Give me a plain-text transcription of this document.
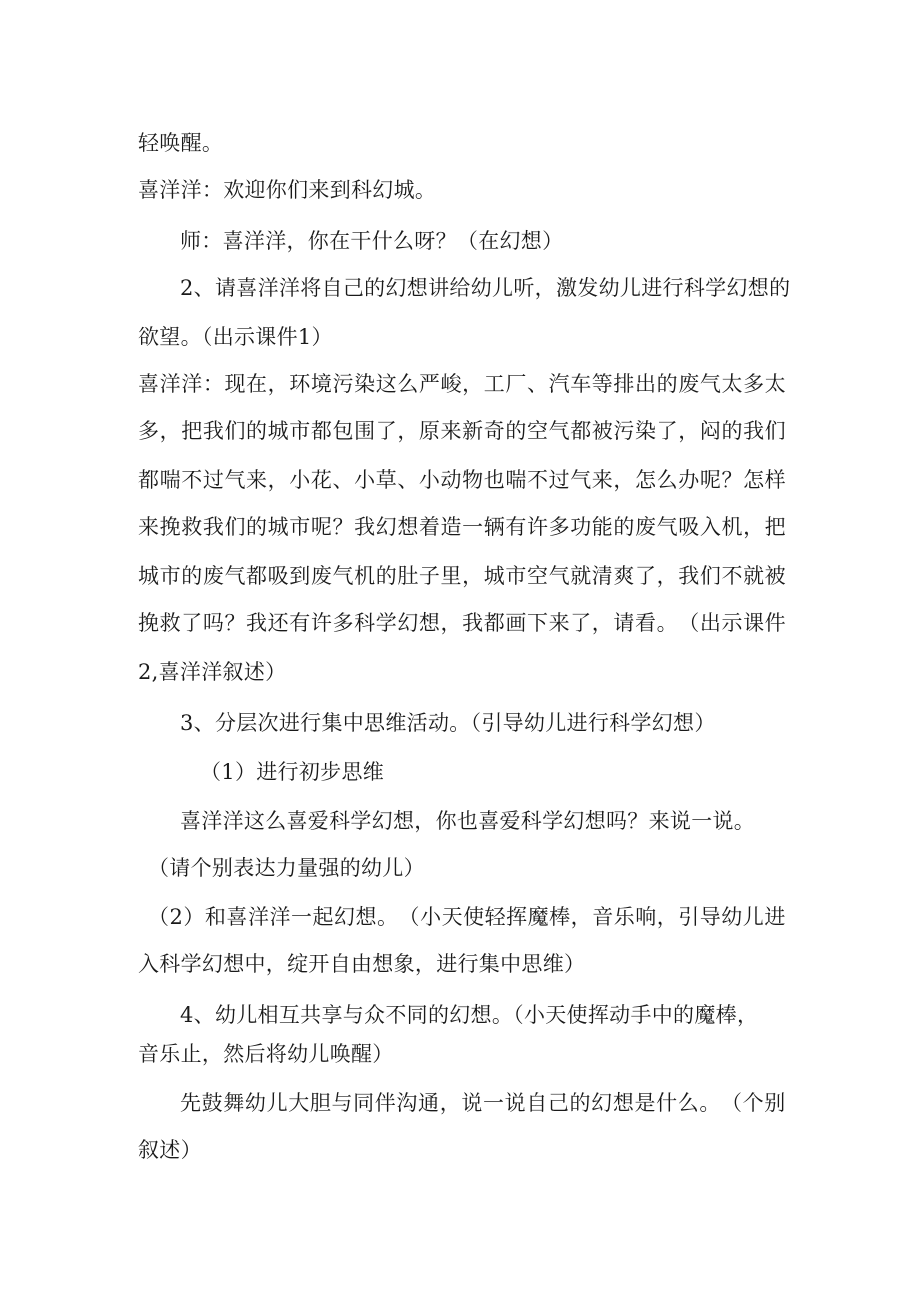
轻唤醒。
喜洋洋：欢迎你们来到科幻城。
师：喜洋洋，你在干什么呀？（在幻想）
2 、 请 喜 洋 洋 将 自 己 的 幻 想 讲 给 幼 儿 听 ， 激 发 幼 儿 进 行 科 学 幻 想 的
欲望。（出示课件1）
喜 洋 洋 ： 现 在 ， 环 境 污 染 这 么 严 峻 ， 工 厂 、 汽 车 等 排 出 的 废 气 太 多 太
多 ， 把 我 们 的 城 市 都 包 围 了 ， 原 来 新 奇 的 空 气 都 被 污 染 了 ， 闷 的 我 们
都 喘 不 过 气 来 ， 小 花 、 小 草 、 小 动 物 也 喘 不 过 气 来 ， 怎 么 办 呢 ？ 怎 样
来 挽 救 我 们 的 城 市 呢 ？ 我 幻 想 着 造 一 辆 有 许 多 功 能 的 废 气 吸 入 机 ， 把
城 市 的 废 气 都 吸 到 废 气 机 的 肚 子 里 ， 城 市 空 气 就 清 爽 了 ， 我 们 不 就 被
挽 救 了 吗 ？ 我 还 有 许 多 科 学 幻 想 ， 我 都 画 下 来 了 ， 请 看 。 （ 出 示 课 件
2,喜洋洋叙述）
3、分层次进行集中思维活动。（引导幼儿进行科学幻想）
（1）进行初步思维
喜洋洋这么喜爱科学幻想，你也喜爱科学幻想吗？来说一说。
（请个别表达力量强的幼儿）
（ 2 ） 和 喜 洋 洋 一 起 幻 想 。 （ 小 天 使 轻 挥 魔 棒 ， 音 乐 响 ， 引 导 幼 儿 进
入科学幻想中，绽开自由想象，进行集中思维）
4、幼儿相互共享与众不同的幻想。（小天使挥动手中的魔棒，
音乐止，然后将幼儿唤醒）
先 鼓 舞 幼 儿 大 胆 与 同 伴 沟 通 ， 说 一 说 自 己 的 幻 想 是 什 么 。 （ 个 别
叙述）
